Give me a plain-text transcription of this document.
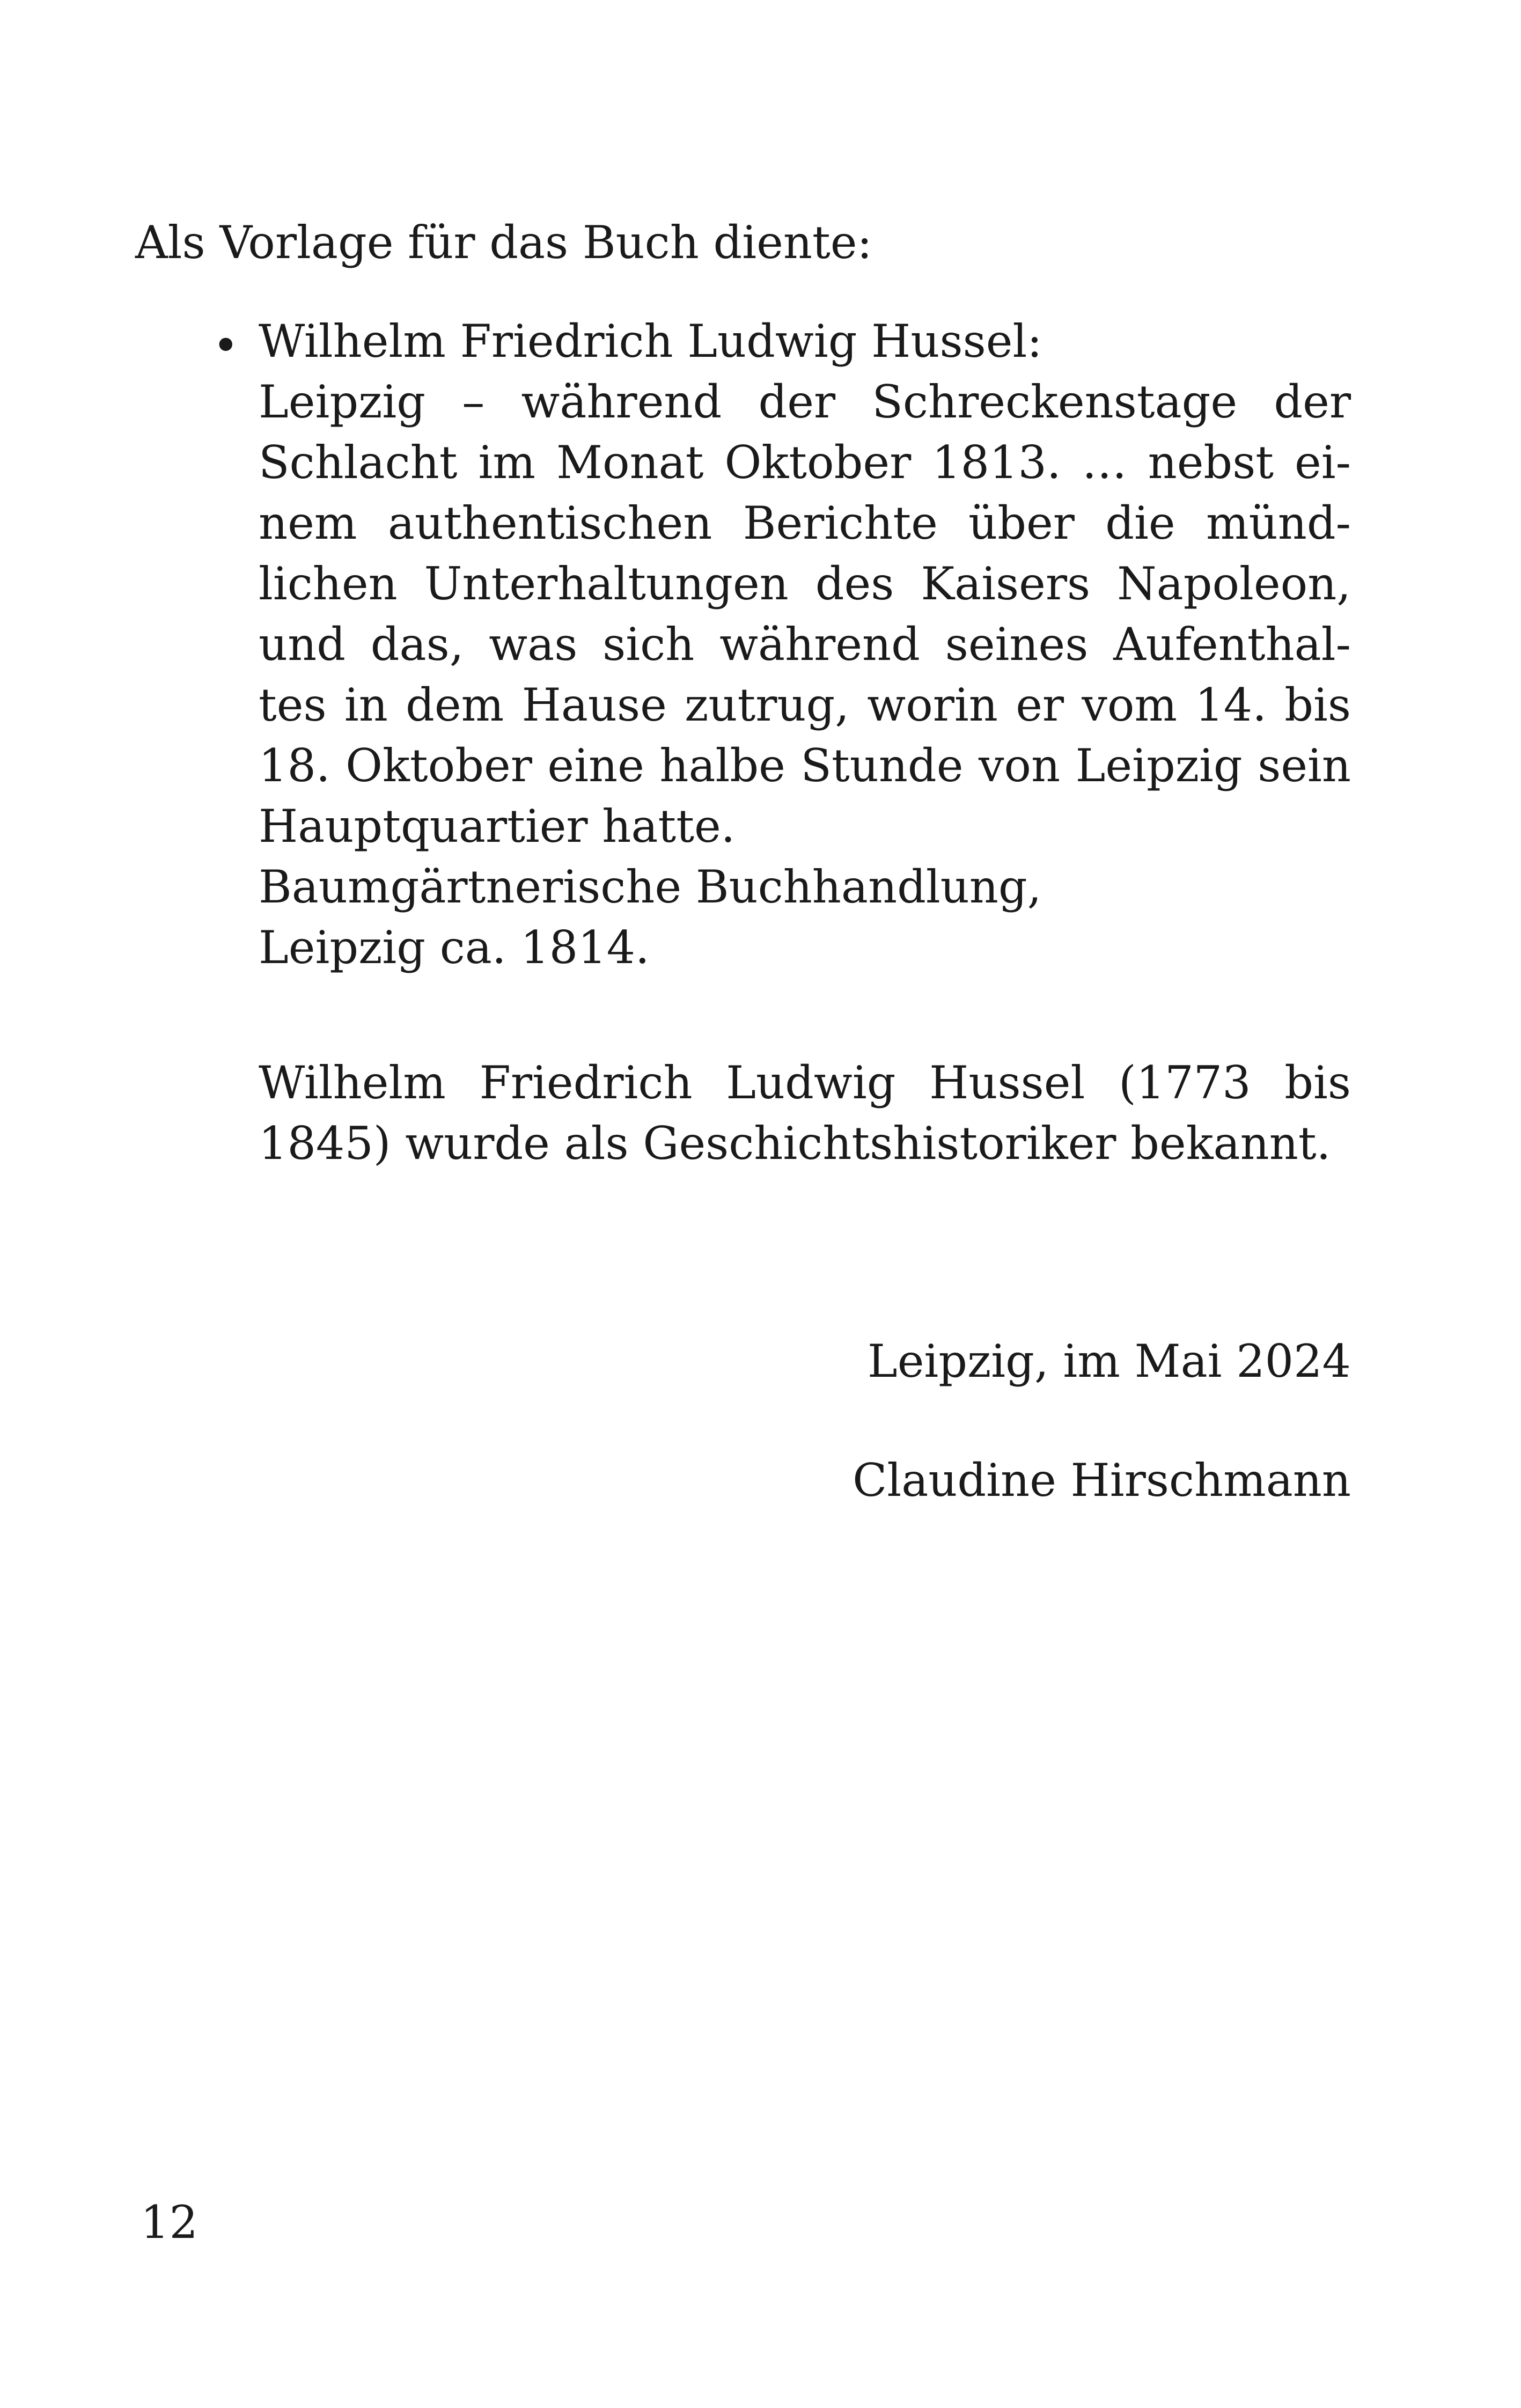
Als Vorlage für das Buch diente:
• Wilhelm Friedrich Ludwig Hussel:
Leipzig – während der Schreckenstage der
Schlacht im Monat Oktober 1813. … nebst ei-
nem authentischen Berichte über die münd-
lichen Unterhaltungen des Kaisers Napoleon,
und das, was sich während seines Aufenthal-
tes in dem Hause zutrug, worin er vom 14. bis
18. Oktober eine halbe Stunde von Leipzig sein
Hauptquartier hatte.
Baumgärtnerische Buchhandlung,
Leipzig ca. 1814.
Wilhelm Friedrich Ludwig Hussel (1773 bis
1845) wurde als Geschichtshistoriker bekannt.
Leipzig, im Mai 2024
Claudine Hirschmann
12
